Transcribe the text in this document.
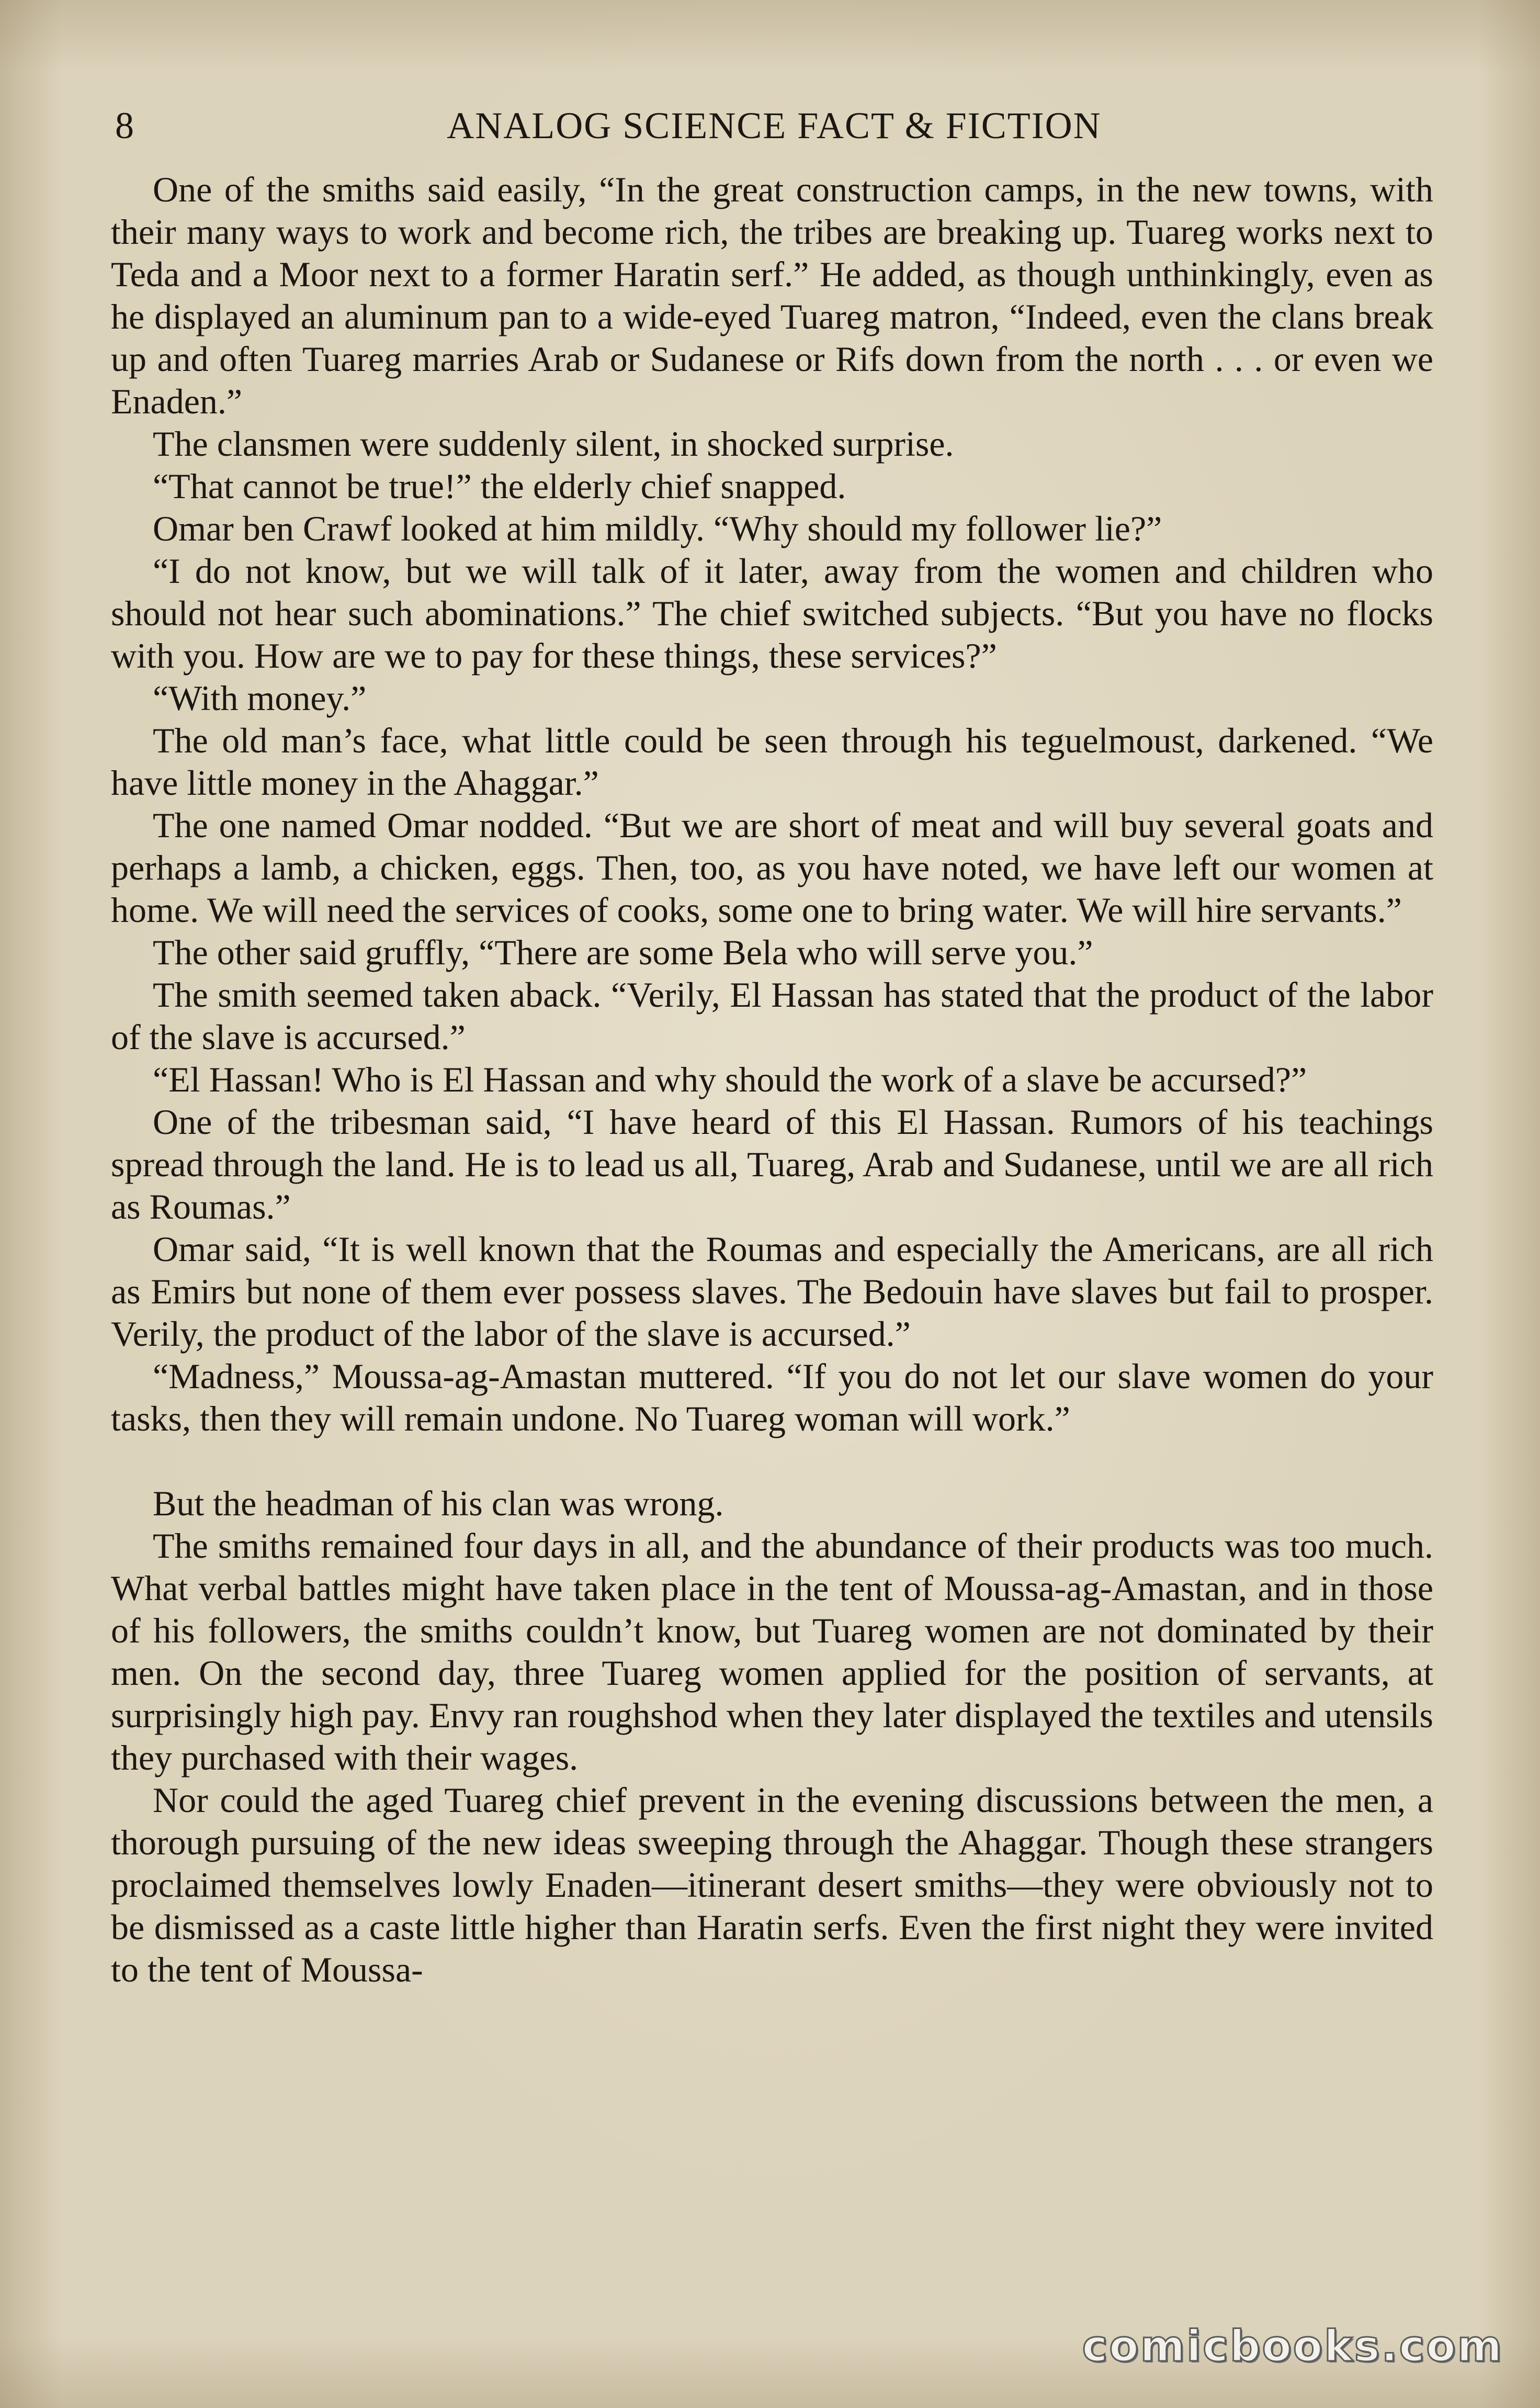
8	ANALOG SCIENCE FACT & FICTION

One of the smiths said easily, “In the great construction camps, in the new towns, with their many ways to work and become rich, the tribes are breaking up. Tuareg works next to Teda and a Moor next to a former Haratin serf.” He added, as though unthinkingly, even as he displayed an aluminum pan to a wide-eyed Tuareg matron, “Indeed, even the clans break up and often Tuareg marries Arab or Sudanese or Rifs down from the north . . . or even we Enaden.”

The clansmen were suddenly silent, in shocked surprise.

“That cannot be true!” the elderly chief snapped.

Omar ben Crawf looked at him mildly. “Why should my follower lie?”

“I do not know, but we will talk of it later, away from the women and children who should not hear such abominations.” The chief switched subjects. “But you have no flocks with you. How are we to pay for these things, these services?”

“With money.”

The old man’s face, what little could be seen through his teguelmoust, darkened. “We have little money in the Ahaggar.”

The one named Omar nodded. “But we are short of meat and will buy several goats and perhaps a lamb, a chicken, eggs. Then, too, as you have noted, we have left our women at home. We will need the services of cooks, some one to bring water. We will hire servants.”

The other said gruffly, “There are some Bela who will serve you.”

The smith seemed taken aback. “Verily, El Hassan has stated that the product of the labor of the slave is accursed.”

“El Hassan! Who is El Hassan and why should the work of a slave be accursed?”

One of the tribesman said, “I have heard of this El Hassan. Rumors of his teachings spread through the land. He is to lead us all, Tuareg, Arab and Sudanese, until we are all rich as Roumas.”

Omar said, “It is well known that the Roumas and especially the Americans, are all rich as Emirs but none of them ever possess slaves. The Bedouin have slaves but fail to prosper. Verily, the product of the labor of the slave is accursed.”

“Madness,” Moussa-ag-Amastan muttered. “If you do not let our slave women do your tasks, then they will remain undone. No Tuareg woman will work.”

But the headman of his clan was wrong.

The smiths remained four days in all, and the abundance of their products was too much. What verbal battles might have taken place in the tent of Moussa-ag-Amastan, and in those of his followers, the smiths couldn’t know, but Tuareg women are not dominated by their men. On the second day, three Tuareg women applied for the position of servants, at surprisingly high pay. Envy ran roughshod when they later displayed the textiles and utensils they purchased with their wages.

Nor could the aged Tuareg chief prevent in the evening discussions between the men, a thorough pursuing of the new ideas sweeping through the Ahaggar. Though these strangers proclaimed themselves lowly Enaden—itinerant desert smiths—they were obviously not to be dismissed as a caste little higher than Haratin serfs. Even the first night they were invited to the tent of Moussa-

comicbooks.com
